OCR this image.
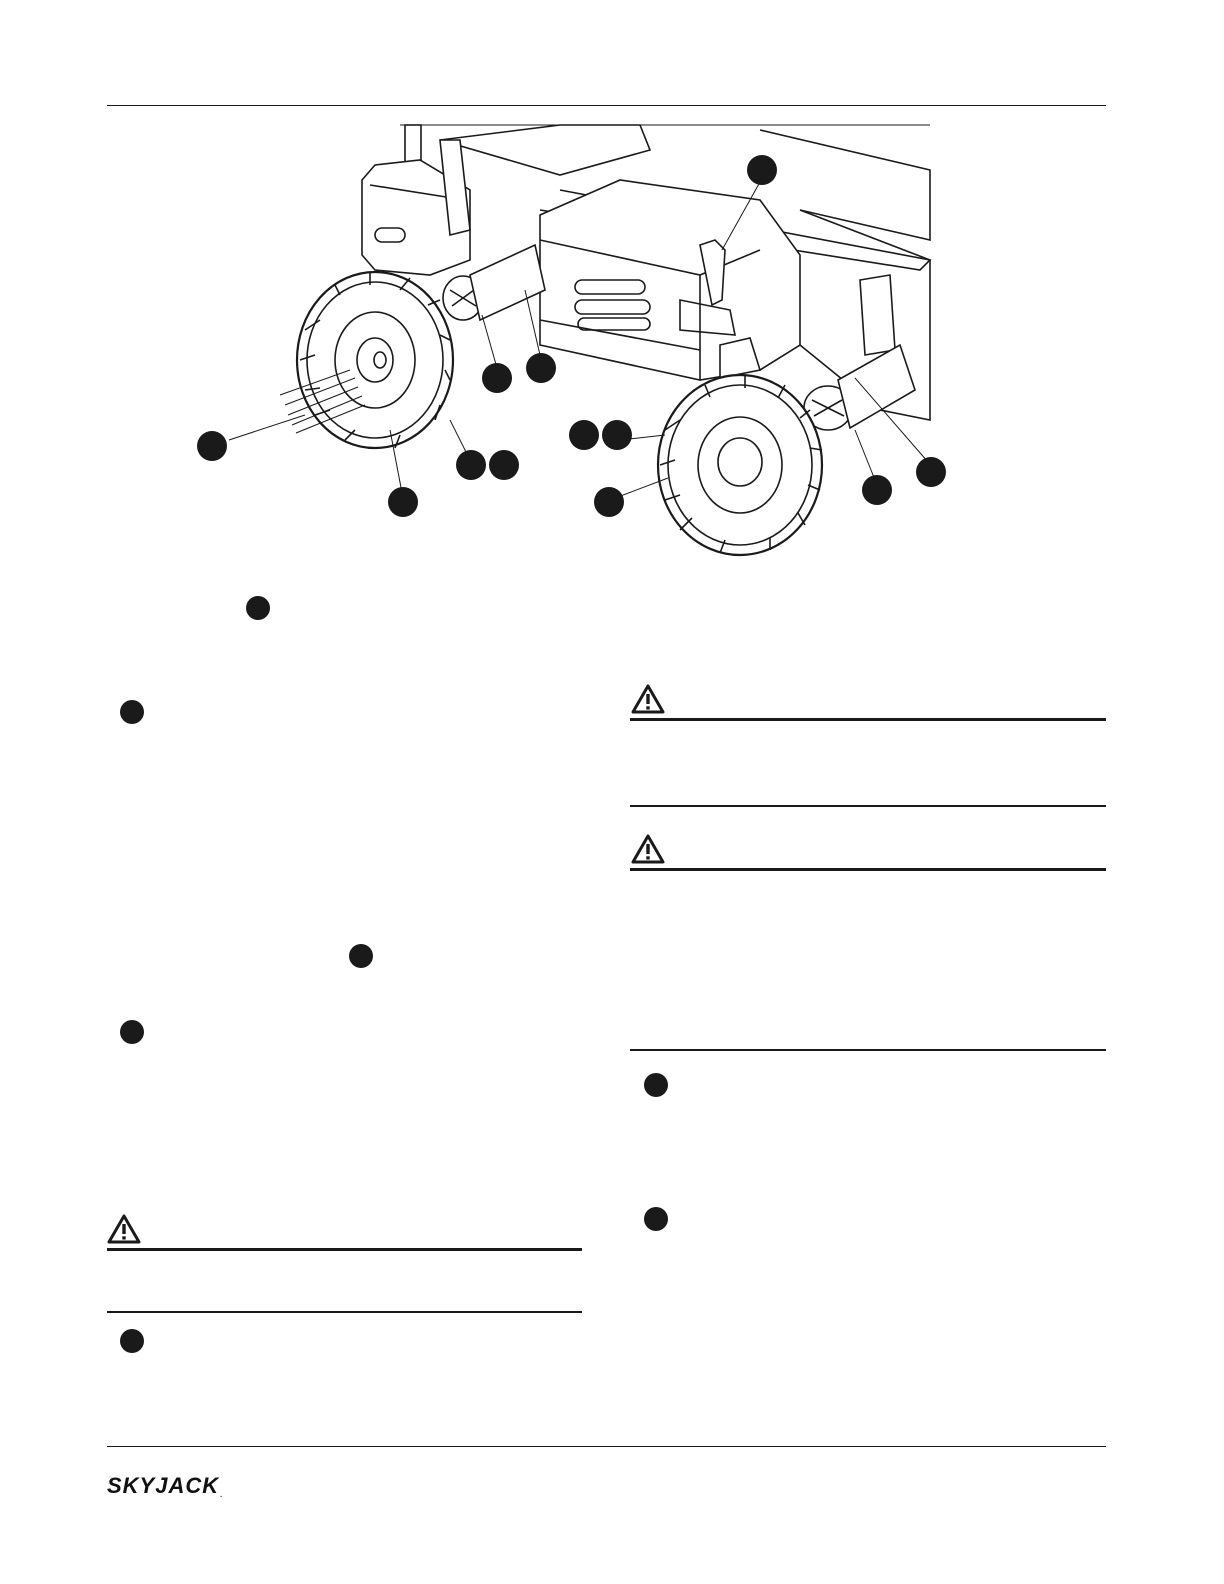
SKYJACK.
